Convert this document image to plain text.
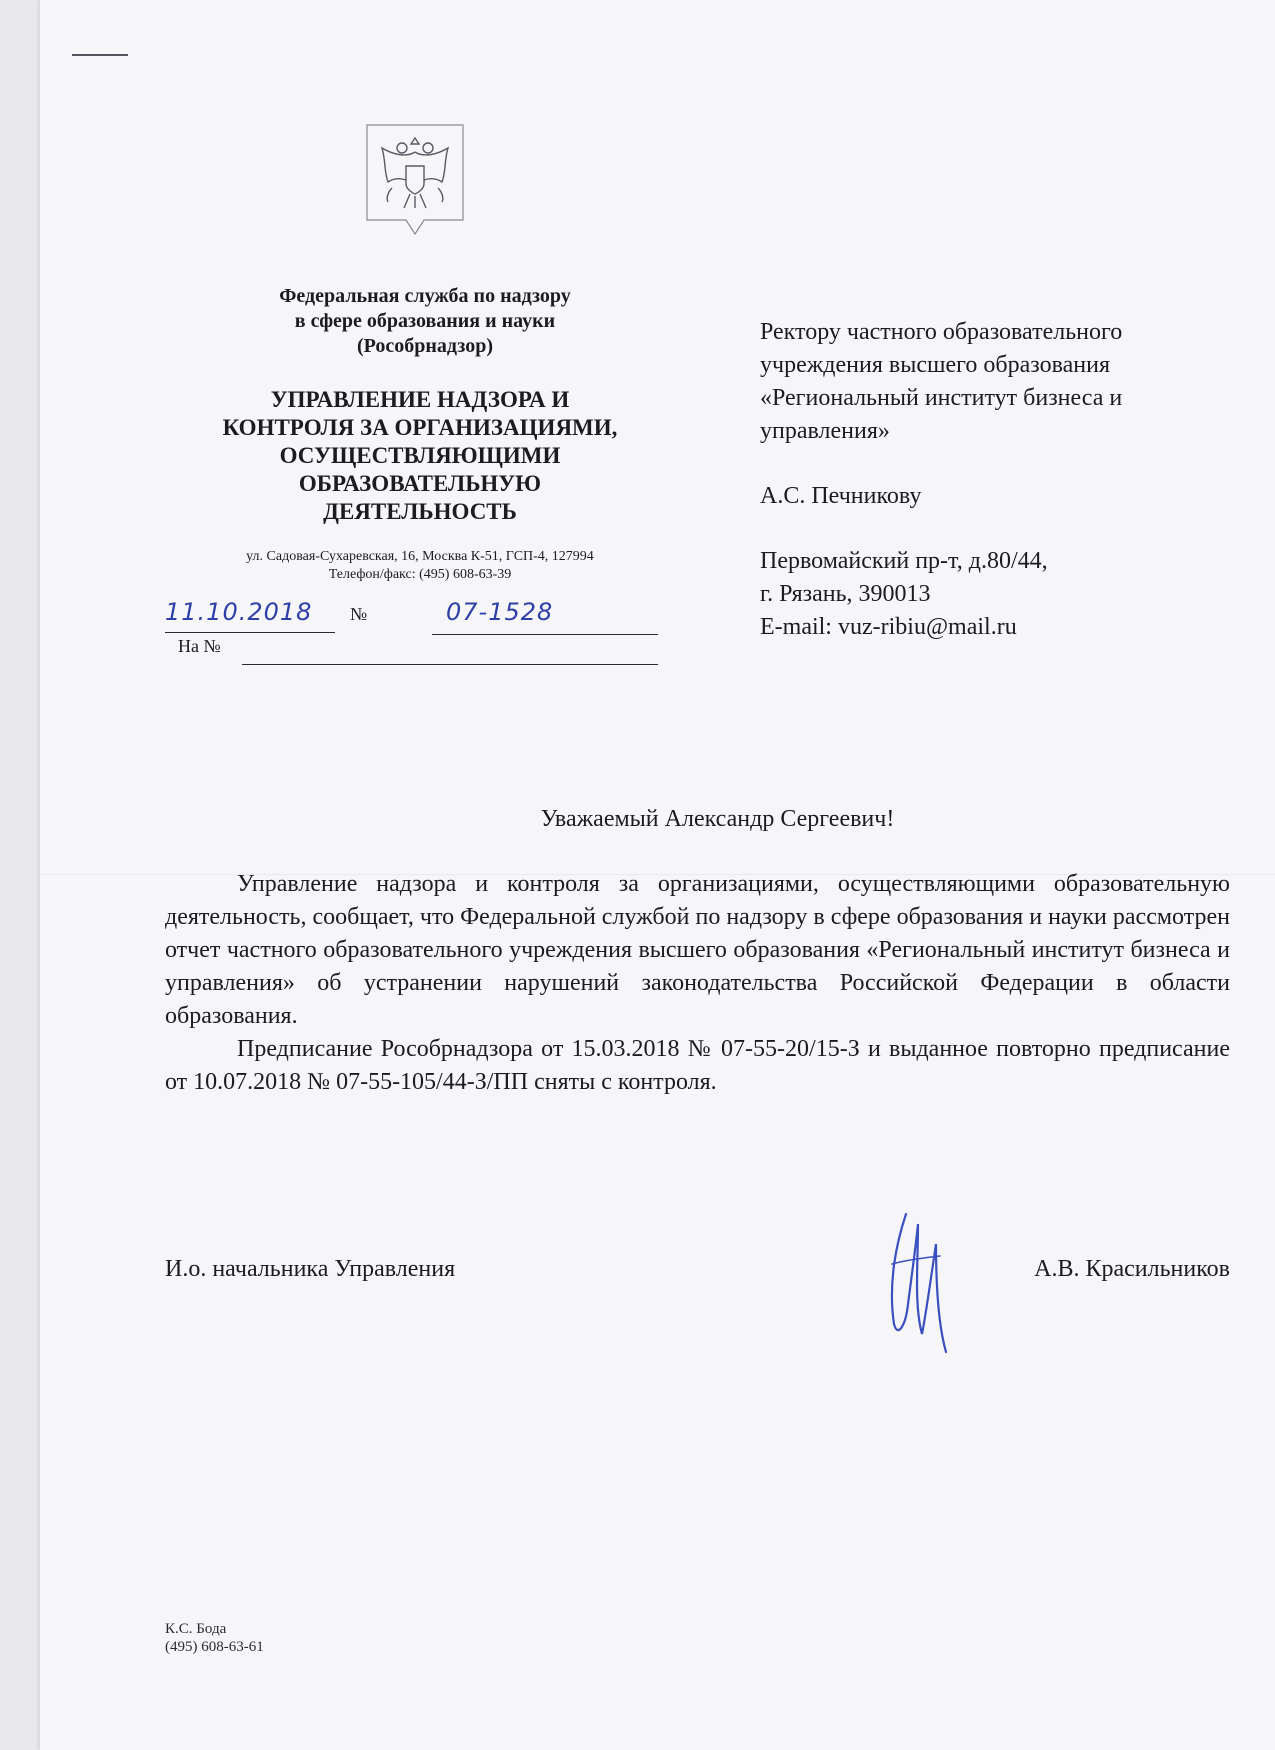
Федеральная служба по надзору
в сфере образования и науки
(Рособрнадзор)
УПРАВЛЕНИЕ НАДЗОРА И
КОНТРОЛЯ ЗА ОРГАНИЗАЦИЯМИ,
ОСУЩЕСТВЛЯЮЩИМИ
ОБРАЗОВАТЕЛЬНУЮ
ДЕЯТЕЛЬНОСТЬ
ул. Садовая-Сухаревская, 16, Москва К-51, ГСП-4, 127994
Телефон/факс: (495) 608-63-39
11.10.2018 №	07-1528
На №

Ректору частного образовательного

учреждения высшего образования

«Региональный институт бизнеса и

управления»

А.С. Печникову

Первомайский пр-т, д.80/44,

г. Рязань, 390013

E-mail: vuz-ribiu@mail.ru

Уважаемый Александр Сергеевич!

Управление надзора и контроля за организациями, осуществляющими образовательную деятельность, сообщает, что Федеральной службой по надзору в сфере образования и науки рассмотрен отчет частного образовательного учреждения высшего образования «Региональный институт бизнеса и управления» об устранении нарушений законодательства Российской Федерации в области образования.

Предписание Рособрнадзора от 15.03.2018 № 07-55-20/15-З и выданное повторно предписание от 10.07.2018 № 07-55-105/44-З/ПП сняты с контроля.

И.о. начальника Управления	А.В. Красильников
К.С. Бода
(495) 608-63-61
